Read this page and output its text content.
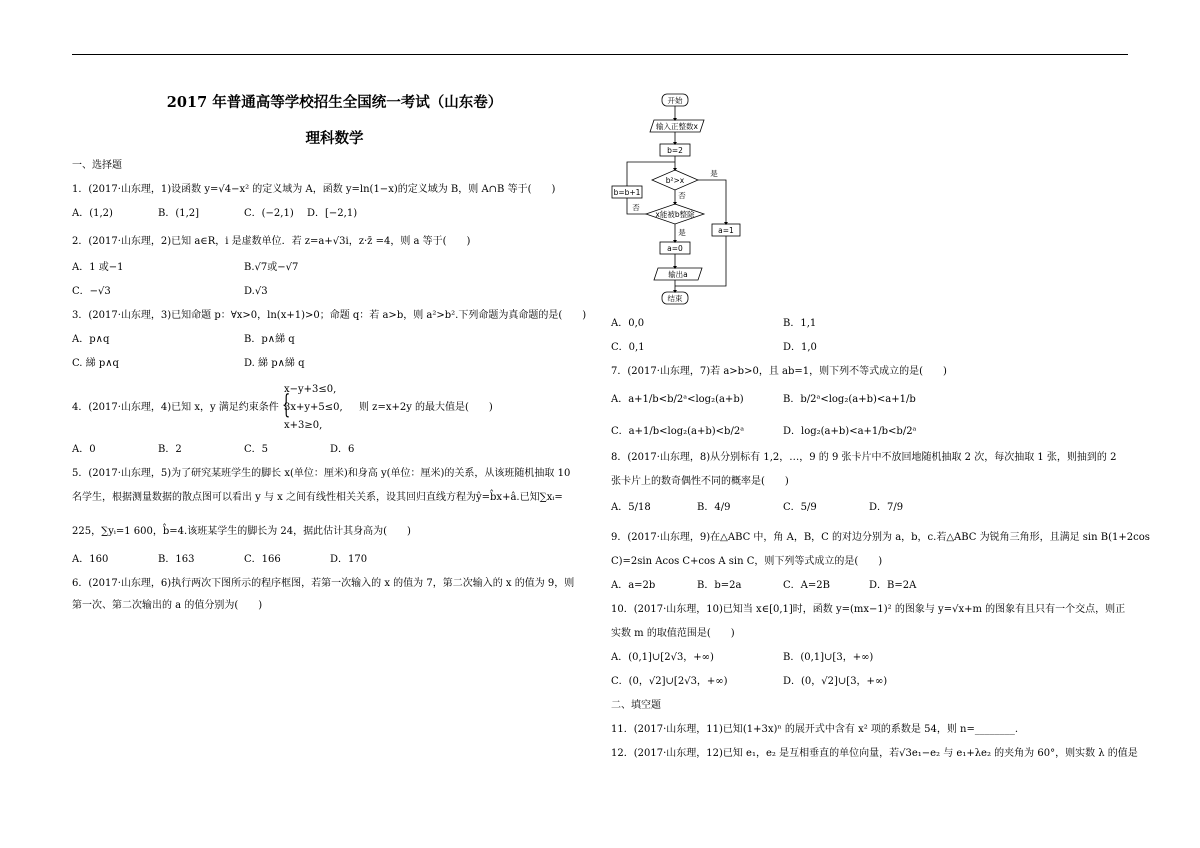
2017 年普通高等学校招生全国统一考试（山东卷）
理科数学
一、选择题
1．(2017·山东理，1)设函数 y=√4−x² 的定义域为 A，函数 y=ln(1−x)的定义域为 B，则 A∩B 等于(　　)
A．(1,2)	B．(1,2]	C．(−2,1) D．[−2,1)
2．(2017·山东理，2)已知 a∈R，i 是虚数单位．若 z=a+√3i，z·z̄ =4，则 a 等于(　　)
A．1 或−1	B.√7或−√7
C．−√3	D.√3
3．(2017·山东理，3)已知命题 p：∀x>0，ln(x+1)>0；命题 q：若 a>b，则 a²>b².下列命题为真命题的是(　　)
A．p∧q	B．p∧綈 q
C. 綈 p∧q	D. 綈 p∧綈 q
4．(2017·山东理，4)已知 x，y 满足约束条件 {
x−y+3≤0,
3x+y+5≤0,
x+3≥0,
则 z=x+2y 的最大值是(　　)
A．0	B．2	C．5	D．6
5．(2017·山东理，5)为了研究某班学生的脚长 x(单位：厘米)和身高 y(单位：厘米)的关系，从该班随机抽取 10
名学生，根据测量数据的散点图可以看出 y 与 x 之间有线性相关关系，设其回归直线方程为ŷ=b̂x+â.已知∑xᵢ=
225，∑yᵢ=1 600，b̂=4.该班某学生的脚长为 24，据此估计其身高为(　　)
A．160	B．163	C．166	D．170
6．(2017·山东理，6)执行两次下图所示的程序框图，若第一次输入的 x 的值为 7，第二次输入的 x 的值为 9，则
第一次、第二次输出的 a 的值分别为(　　)
开始
输入正整数x
b=2
b²>x
x能被b整除
b=b+1
a=1
a=0
输出a
结束
是
否
否
是
A．0,0	B．1,1
C．0,1	D．1,0
7．(2017·山东理，7)若 a>b>0，且 ab=1，则下列不等式成立的是(　　)
A．a+1/b<b/2ᵃ<log₂(a+b)	B．b/2ᵃ<log₂(a+b)<a+1/b
C．a+1/b<log₂(a+b)<b/2ᵃ	D．log₂(a+b)<a+1/b<b/2ᵃ
8．(2017·山东理，8)从分别标有 1,2，…，9 的 9 张卡片中不放回地随机抽取 2 次，每次抽取 1 张，则抽到的 2
张卡片上的数奇偶性不同的概率是(　　)
A．5/18	B．4/9	C．5/9	D．7/9
9．(2017·山东理，9)在△ABC 中，角 A，B，C 的对边分别为 a，b，c.若△ABC 为锐角三角形，且满足 sin B(1+2cos
C)=2sin Acos C+cos A sin C，则下列等式成立的是(　　)
A．a=2b	B．b=2a	C．A=2B	D．B=2A
10．(2017·山东理，10)已知当 x∈[0,1]时，函数 y=(mx−1)² 的图象与 y=√x+m 的图象有且只有一个交点，则正
实数 m 的取值范围是(　　)
A．(0,1]∪[2√3，+∞)	B．(0,1]∪[3，+∞)
C．(0，√2]∪[2√3，+∞)	D．(0，√2]∪[3，+∞)
二、填空题
11．(2017·山东理，11)已知(1+3x)ⁿ 的展开式中含有 x² 项的系数是 54，则 n=________.
12．(2017·山东理，12)已知 e₁，e₂ 是互相垂直的单位向量，若√3e₁−e₂ 与 e₁+λe₂ 的夹角为 60°，则实数 λ 的值是
